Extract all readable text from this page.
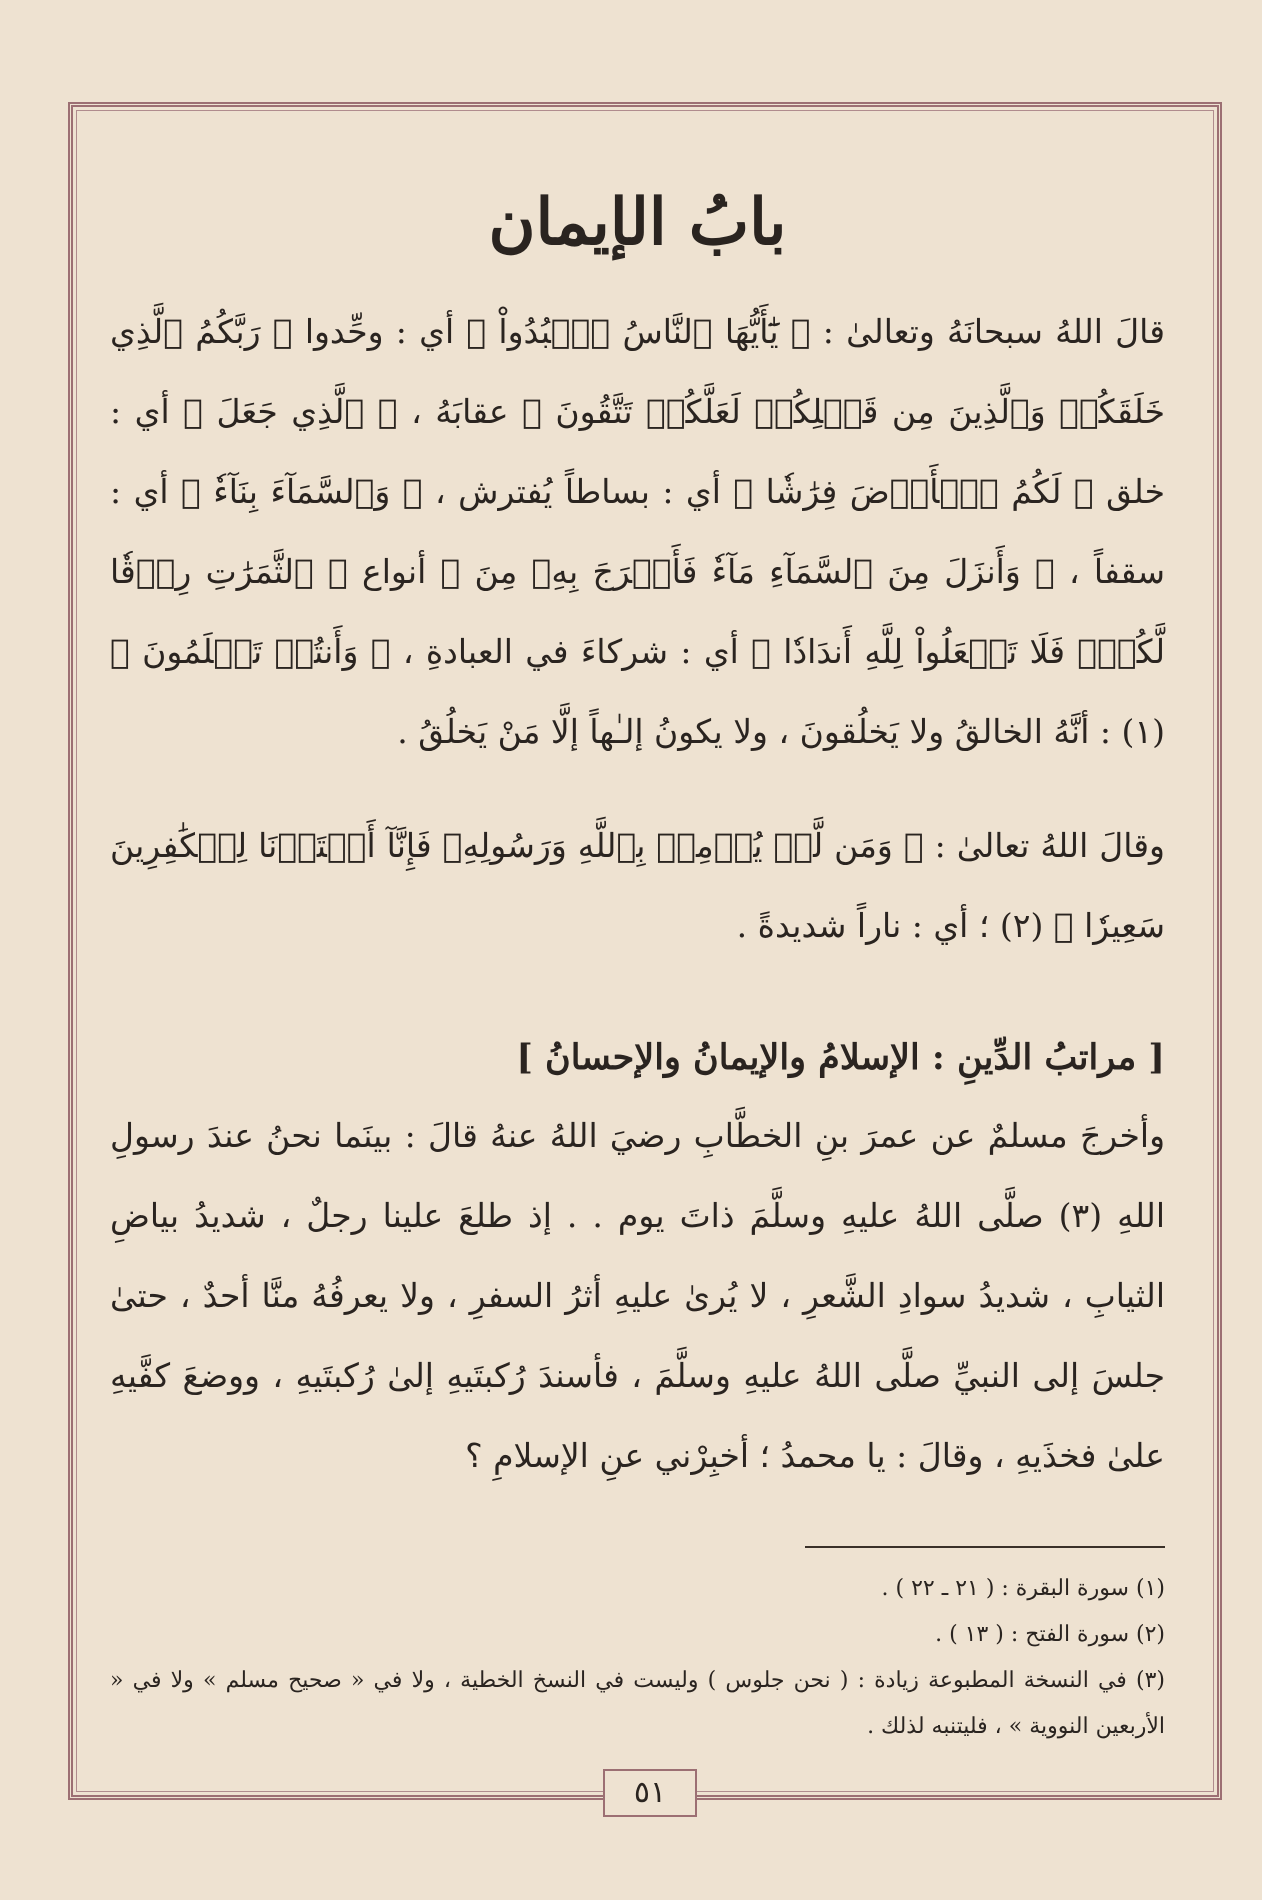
بابُ الإيمان

قالَ اللهُ سبحانَهُ وتعالىٰ : ﴿ يَٰٓأَيُّهَا ٱلنَّاسُ ٱعۡبُدُواْ ﴾ أي : وحِّدوا ﴿ رَبَّكُمُ ٱلَّذِي خَلَقَكُمۡ وَٱلَّذِينَ مِن قَبۡلِكُمۡ لَعَلَّكُمۡ تَتَّقُونَ ﴾ عقابَهُ ، ﴿ ٱلَّذِي جَعَلَ ﴾ أي : خلق ﴿ لَكُمُ ٱلۡأَرۡضَ فِرَٰشٗا ﴾ أي : بساطاً يُفترش ، ﴿ وَٱلسَّمَآءَ بِنَآءٗ ﴾ أي : سقفاً ، ﴿ وَأَنزَلَ مِنَ ٱلسَّمَآءِ مَآءٗ فَأَخۡرَجَ بِهِۦ مِنَ ﴾ أنواع ﴿ ٱلثَّمَرَٰتِ رِزۡقٗا لَّكُمۡۖ فَلَا تَجۡعَلُواْ لِلَّهِ أَندَادٗا ﴾ أي : شركاءَ في العبادةِ ، ﴿ وَأَنتُمۡ تَعۡلَمُونَ ﴾ (١) : أنَّهُ الخالقُ ولا يَخلُقونَ ، ولا يكونُ إلـٰهاً إلَّا مَنْ يَخلُقُ .

وقالَ اللهُ تعالىٰ : ﴿ وَمَن لَّمۡ يُؤۡمِنۢ بِٱللَّهِ وَرَسُولِهِۦ فَإِنَّآ أَعۡتَدۡنَا لِلۡكَٰفِرِينَ سَعِيرٗا ﴾ (٢) ؛ أي : ناراً شديدةً .

[ مراتبُ الدِّينِ : الإسلامُ والإيمانُ والإحسانُ ]

وأخرجَ مسلمٌ عن عمرَ بنِ الخطَّابِ رضيَ اللهُ عنهُ قالَ : بينَما نحنُ عندَ رسولِ اللهِ (٣) صلَّى اللهُ عليهِ وسلَّمَ ذاتَ يوم . . إذ طلعَ علينا رجلٌ ، شديدُ بياضِ الثيابِ ، شديدُ سوادِ الشَّعرِ ، لا يُرىٰ عليهِ أثرُ السفرِ ، ولا يعرفُهُ منَّا أحدٌ ، حتىٰ جلسَ إلى النبيِّ صلَّى اللهُ عليهِ وسلَّمَ ، فأسندَ رُكبتَيهِ إلىٰ رُكبتَيهِ ، ووضعَ كفَّيهِ علىٰ فخذَيهِ ، وقالَ : يا محمدُ ؛ أخبِرْني عنِ الإسلامِ ؟

(١) سورة البقرة : ( ٢١ ـ ٢٢ ) .

(٢) سورة الفتح : ( ١٣ ) .

(٣) في النسخة المطبوعة زيادة : ( نحن جلوس ) وليست في النسخ الخطية ، ولا في « صحيح مسلم » ولا في « الأربعين النووية » ، فليتنبه لذلك .

٥١
